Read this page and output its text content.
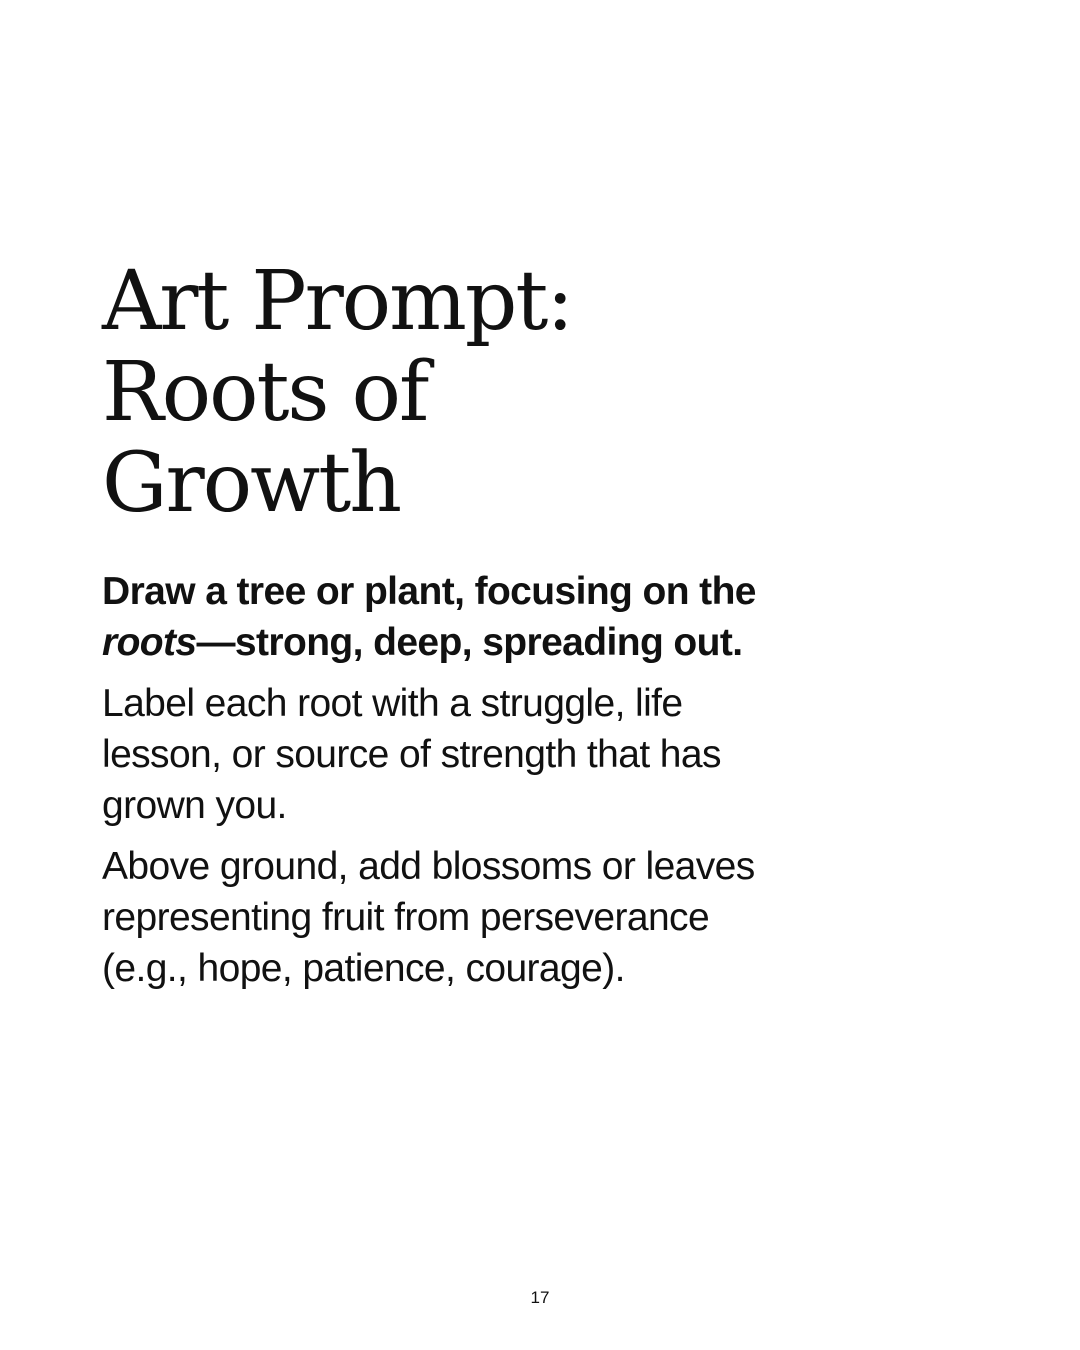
Art Prompt:
Roots of
Growth

Draw a tree or plant, focusing on the roots—strong, deep, spreading out.

Label each root with a struggle, life lesson, or source of strength that has grown you.

Above ground, add blossoms or leaves representing fruit from perseverance (e.g., hope, patience, courage).

17
